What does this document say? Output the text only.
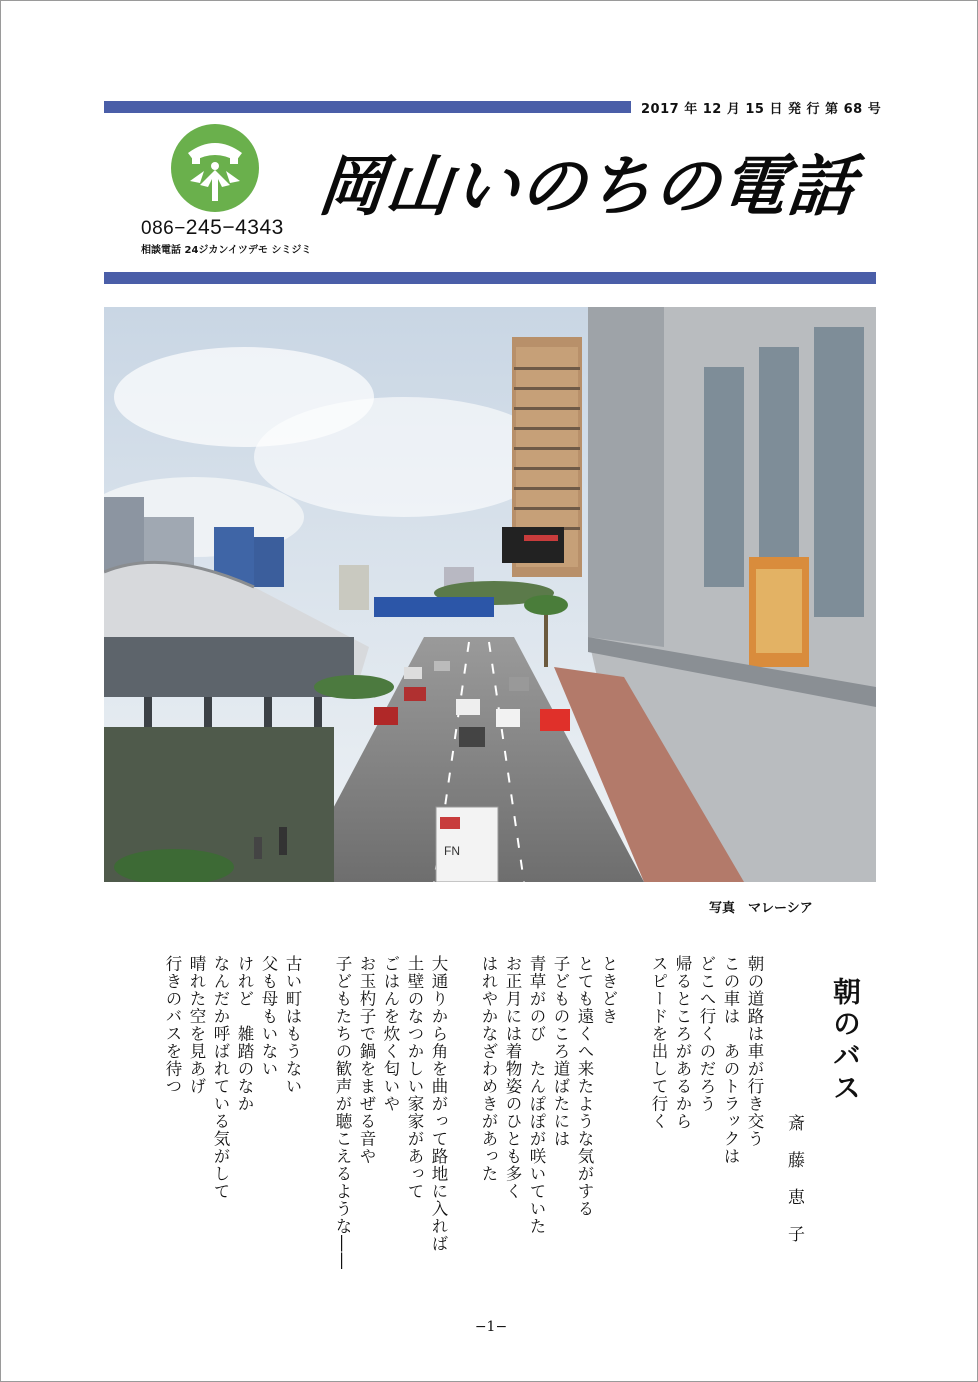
2017 年 12 月 15 日 発 行 第 68 号
086−245−4343
相談電話 24ジカンイツデモ シミジミ
岡山いのちの電話
FN
写真　マレーシア
朝のバス
斎藤恵子
朝の道路は車が行き交う
この車は　あのトラックは
どこへ行くのだろう
帰るところがあるから
スピードを出して行く
ときどき
とても遠くへ来たような気がする
子どものころ道ばたには
青草がのび　たんぽぽが咲いていた
お正月には着物姿のひとも多く
はれやかなざわめきがあった
大通りから角を曲がって路地に入れば
土壁のなつかしい家家があって
ごはんを炊く匂いや
お玉杓子で鍋をまぜる音や
子どもたちの歓声が聴こえるような――
古い町はもうない
父も母もいない
けれど　雑踏のなか
なんだか呼ばれている気がして
晴れた空を見あげ
行きのバスを待つ
−1−
